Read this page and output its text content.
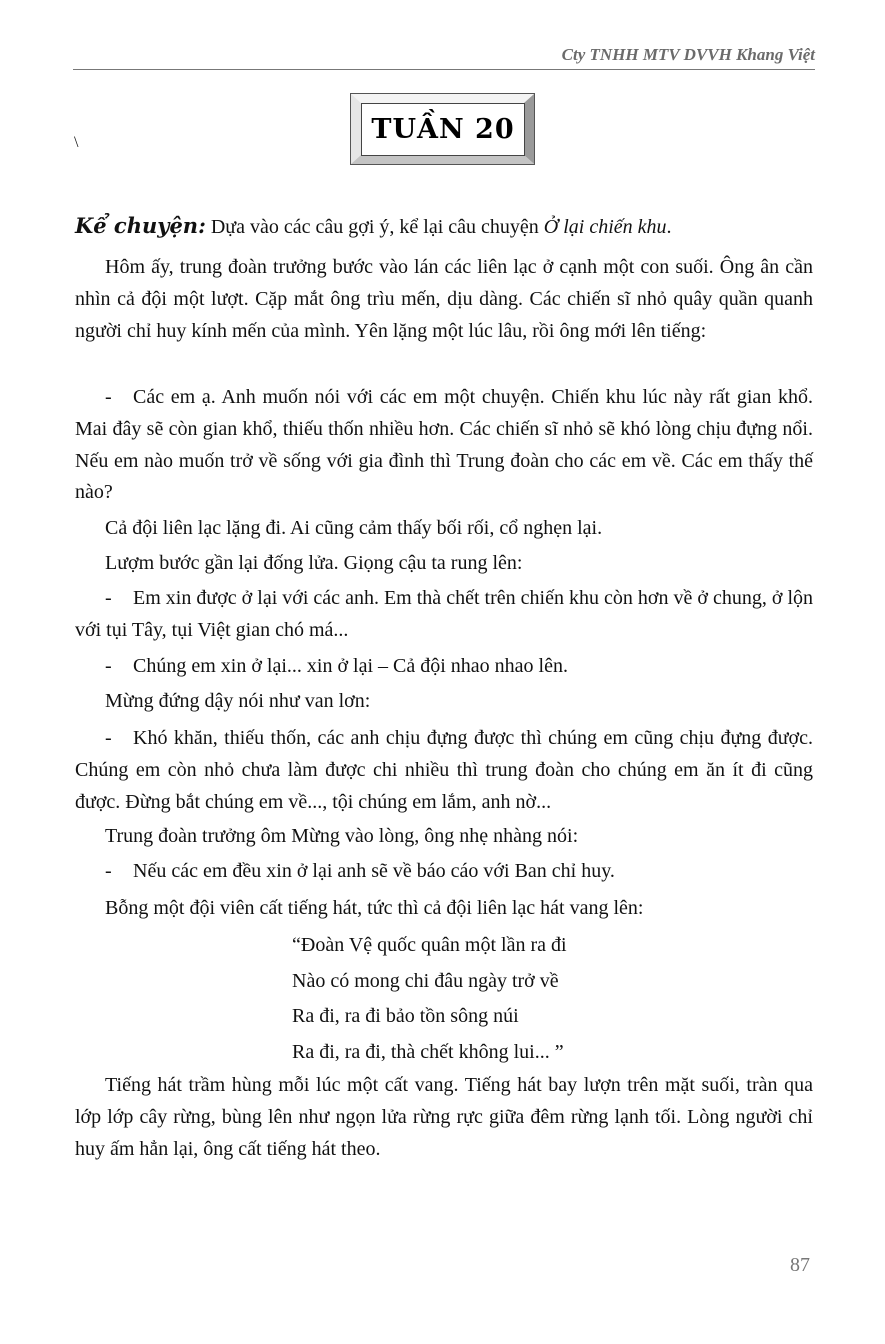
Cty TNHH MTV DVVH Khang Việt
TUẦN 20
\
Kể chuyện: Dựa vào các câu gợi ý, kể lại câu chuyện Ở lại chiến khu.
Hôm ấy, trung đoàn trưởng bước vào lán các liên lạc ở cạnh một con suối. Ông ân cần nhìn cả đội một lượt. Cặp mắt ông trìu mến, dịu dàng. Các chiến sĩ nhỏ quây quần quanh người chỉ huy kính mến của mình. Yên lặng một lúc lâu, rồi ông mới lên tiếng:
- Các em ạ. Anh muốn nói với các em một chuyện. Chiến khu lúc này rất gian khổ. Mai đây sẽ còn gian khổ, thiếu thốn nhiều hơn. Các chiến sĩ nhỏ sẽ khó lòng chịu đựng nổi. Nếu em nào muốn trở về sống với gia đình thì Trung đoàn cho các em về. Các em thấy thế nào?
Cả đội liên lạc lặng đi. Ai cũng cảm thấy bối rối, cổ nghẹn lại.
Lượm bước gần lại đống lửa. Giọng cậu ta rung lên:
- Em xin được ở lại với các anh. Em thà chết trên chiến khu còn hơn về ở chung, ở lộn với tụi Tây, tụi Việt gian chó má...
- Chúng em xin ở lại... xin ở lại – Cả đội nhao nhao lên.
Mừng đứng dậy nói như van lơn:
- Khó khăn, thiếu thốn, các anh chịu đựng được thì chúng em cũng chịu đựng được. Chúng em còn nhỏ chưa làm được chi nhiều thì trung đoàn cho chúng em ăn ít đi cũng được. Đừng bắt chúng em về..., tội chúng em lắm, anh nờ...
Trung đoàn trưởng ôm Mừng vào lòng, ông nhẹ nhàng nói:
- Nếu các em đều xin ở lại anh sẽ về báo cáo với Ban chỉ huy.
Bỗng một đội viên cất tiếng hát, tức thì cả đội liên lạc hát vang lên:
Tiếng hát trầm hùng mỗi lúc một cất vang. Tiếng hát bay lượn trên mặt suối, tràn qua lớp lớp cây rừng, bùng lên như ngọn lửa rừng rực giữa đêm rừng lạnh tối. Lòng người chỉ huy ấm hẳn lại, ông cất tiếng hát theo.
“Đoàn Vệ quốc quân một lần ra đi
Nào có mong chi đâu ngày trở về
Ra đi, ra đi bảo tồn sông núi
Ra đi, ra đi, thà chết không lui... ”
87
